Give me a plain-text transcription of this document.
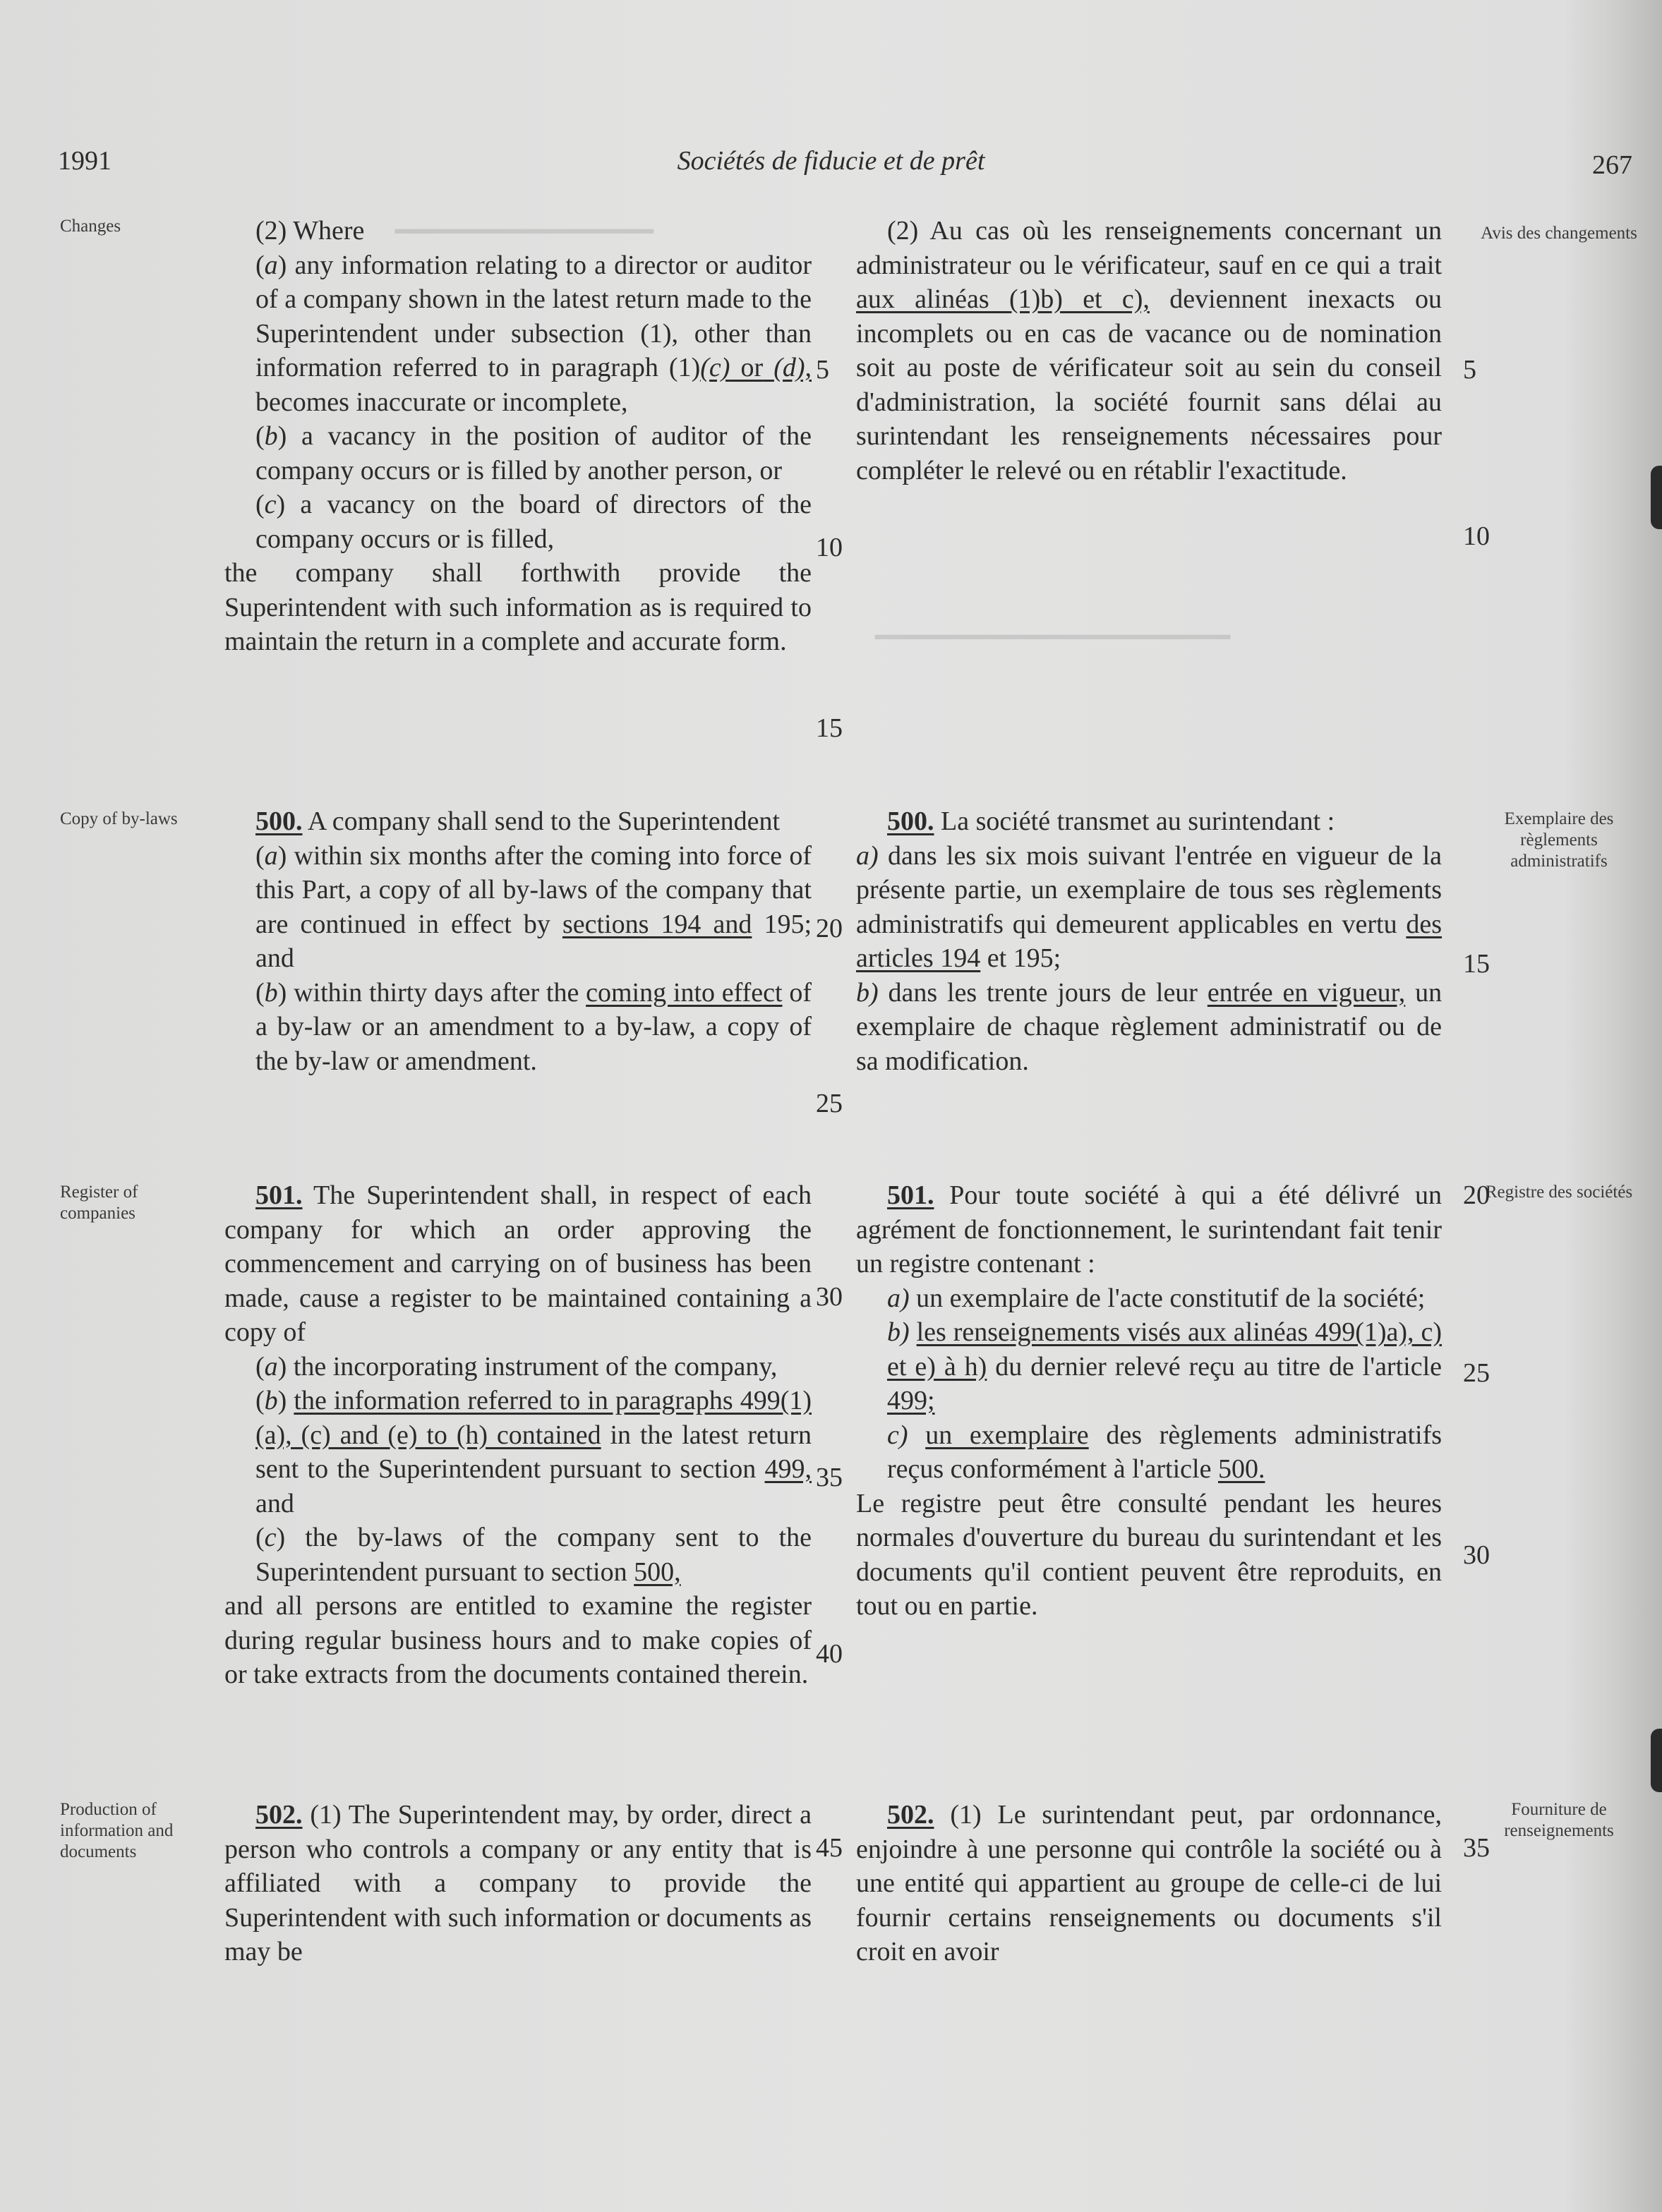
1991	Sociétés de fiducie et de prêt	267
━━━━━━━━━━━━━━━━
━━━━━━━━━━━━━━━━━━━━━━
Changes	Avis des changements
Copy of by-laws	Exemplaire des règlements administratifs
Register of companies
Registre des sociétés
Production of information and documents
Fourniture de renseignements
5
10
15
20
25
30
35
40
45
5
10
15
20
25
30
35

(2) Where

(a) any information relating to a director or auditor of a company shown in the latest return made to the Superintendent under subsection (1), other than information referred to in paragraph (1)(c) or (d), becomes inaccurate or incomplete,

(b) a vacancy in the position of auditor of the company occurs or is filled by another person, or

(c) a vacancy on the board of directors of the company occurs or is filled,

the company shall forthwith provide the Superintendent with such information as is required to maintain the return in a complete and accurate form.

500. A company shall send to the Superintendent

(a) within six months after the coming into force of this Part, a copy of all by-laws of the company that are continued in effect by sections 194 and 195; and

(b) within thirty days after the coming into effect of a by-law or an amendment to a by-law, a copy of the by-law or amendment.

501. The Superintendent shall, in respect of each company for which an order approving the commencement and carrying on of business has been made, cause a register to be maintained containing a copy of

(a) the incorporating instrument of the company,

(b) the information referred to in paragraphs 499(1)(a), (c) and (e) to (h) contained in the latest return sent to the Superintendent pursuant to section 499, and

(c) the by-laws of the company sent to the Superintendent pursuant to section 500,

and all persons are entitled to examine the register during regular business hours and to make copies of or take extracts from the documents contained therein.

502. (1) The Superintendent may, by order, direct a person who controls a company or any entity that is affiliated with a company to provide the Superintendent with such information or documents as may be

(2) Au cas où les renseignements concernant un administrateur ou le vérificateur, sauf en ce qui a trait aux alinéas (1)b) et c), deviennent inexacts ou incomplets ou en cas de vacance ou de nomination soit au poste de vérificateur soit au sein du conseil d'administration, la société fournit sans délai au surintendant les renseignements nécessaires pour compléter le relevé ou en rétablir l'exactitude.

500. La société transmet au surintendant :

a) dans les six mois suivant l'entrée en vigueur de la présente partie, un exemplaire de tous ses règlements administratifs qui demeurent applicables en vertu des articles 194 et 195;

b) dans les trente jours de leur entrée en vigueur, un exemplaire de chaque règlement administratif ou de sa modification.

501. Pour toute société à qui a été délivré un agrément de fonctionnement, le surintendant fait tenir un registre contenant :

a) un exemplaire de l'acte constitutif de la société;

b) les renseignements visés aux alinéas 499(1)a), c) et e) à h) du dernier relevé reçu au titre de l'article 499;

c) un exemplaire des règlements administratifs reçus conformément à l'article 500.

Le registre peut être consulté pendant les heures normales d'ouverture du bureau du surintendant et les documents qu'il contient peuvent être reproduits, en tout ou en partie.

502. (1) Le surintendant peut, par ordonnance, enjoindre à une personne qui contrôle la société ou à une entité qui appartient au groupe de celle-ci de lui fournir certains renseignements ou documents s'il croit en avoir
